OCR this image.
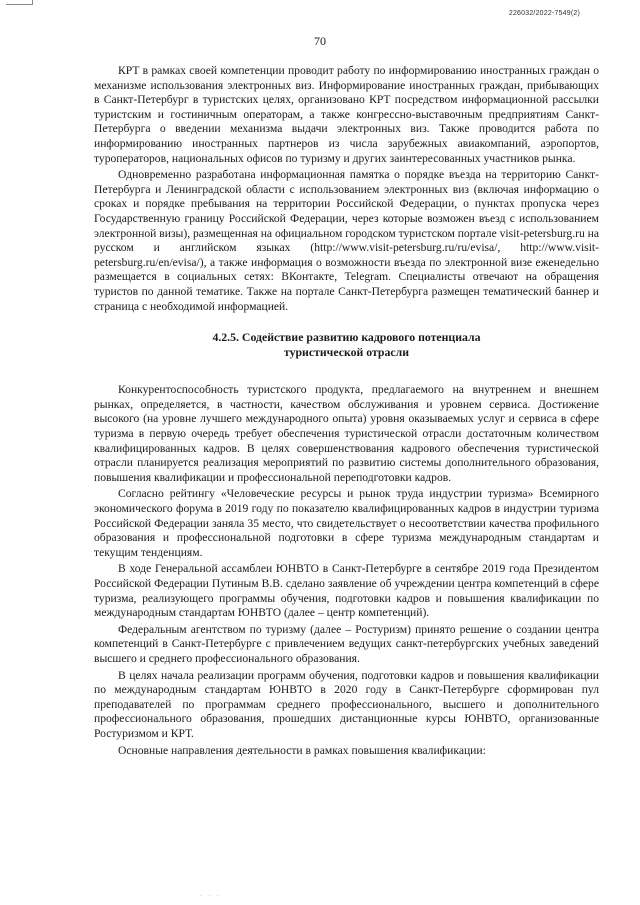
226032/2022-7549(2)
70

КРТ в рамках своей компетенции проводит работу по информированию иностранных граждан о механизме использования электронных виз. Информирование иностранных граждан, прибывающих в Санкт-Петербург в туристских целях, организовано КРТ посредством информационной рассылки туристским и гостиничным операторам, а также конгрессно-выставочным предприятиям Санкт-Петербурга о введении механизма выдачи электронных виз. Также проводится работа по информированию иностранных партнеров из числа зарубежных авиакомпаний, аэропортов, туроператоров, национальных офисов по туризму и других заинтересованных участников рынка.

Одновременно разработана информационная памятка о порядке въезда на территорию Санкт-Петербурга и Ленинградской области с использованием электронных виз (включая информацию о сроках и порядке пребывания на территории Российской Федерации, о пунктах пропуска через Государственную границу Российской Федерации, через которые возможен въезд с использованием электронной визы), размещенная на официальном городском туристском портале visit-petersburg.ru на русском и английском языках (http://www.visit-petersburg.ru/ru/evisa/, http://www.visit-petersburg.ru/en/evisa/), а также информация о возможности въезда по электронной визе еженедельно размещается в социальных сетях: ВКонтакте, Telegram. Специалисты отвечают на обращения туристов по данной тематике. Также на портале Санкт-Петербурга размещен тематический баннер и страница с необходимой информацией.

4.2.5. Содействие развитию кадрового потенциала
туристической отрасли

Конкурентоспособность туристского продукта, предлагаемого на внутреннем и внешнем рынках, определяется, в частности, качеством обслуживания и уровнем сервиса. Достижение высокого (на уровне лучшего международного опыта) уровня оказываемых услуг и сервиса в сфере туризма в первую очередь требует обеспечения туристической отрасли достаточным количеством квалифицированных кадров. В целях совершенствования кадрового обеспечения туристической отрасли планируется реализация мероприятий по развитию системы дополнительного образования, повышения квалификации и профессиональной переподготовки кадров.

Согласно рейтингу «Человеческие ресурсы и рынок труда индустрии туризма» Всемирного экономического форума в 2019 году по показателю квалифицированных кадров в индустрии туризма Российской Федерации заняла 35 место, что свидетельствует о несоответствии качества профильного образования и профессиональной подготовки в сфере туризма международным стандартам и текущим тенденциям.

В ходе Генеральной ассамблеи ЮНВТО в Санкт-Петербурге в сентябре 2019 года Президентом Российской Федерации Путиным В.В. сделано заявление об учреждении центра компетенций в сфере туризма, реализующего программы обучения, подготовки кадров и повышения квалификации по международным стандартам ЮНВТО (далее – центр компетенций).

Федеральным агентством по туризму (далее – Ростуризм) принято решение о создании центра компетенций в Санкт-Петербурге с привлечением ведущих санкт-петербургских учебных заведений высшего и среднего профессионального образования.

В целях начала реализации программ обучения, подготовки кадров и повышения квалификации по международным стандартам ЮНВТО в 2020 году в Санкт-Петербурге сформирован пул преподавателей по программам среднего профессионального, высшего и дополнительного профессионального образования, прошедших дистанционные курсы ЮНВТО, организованные Ростуризмом и КРТ.

Основные направления деятельности в рамках повышения квалификации:

· · ·
